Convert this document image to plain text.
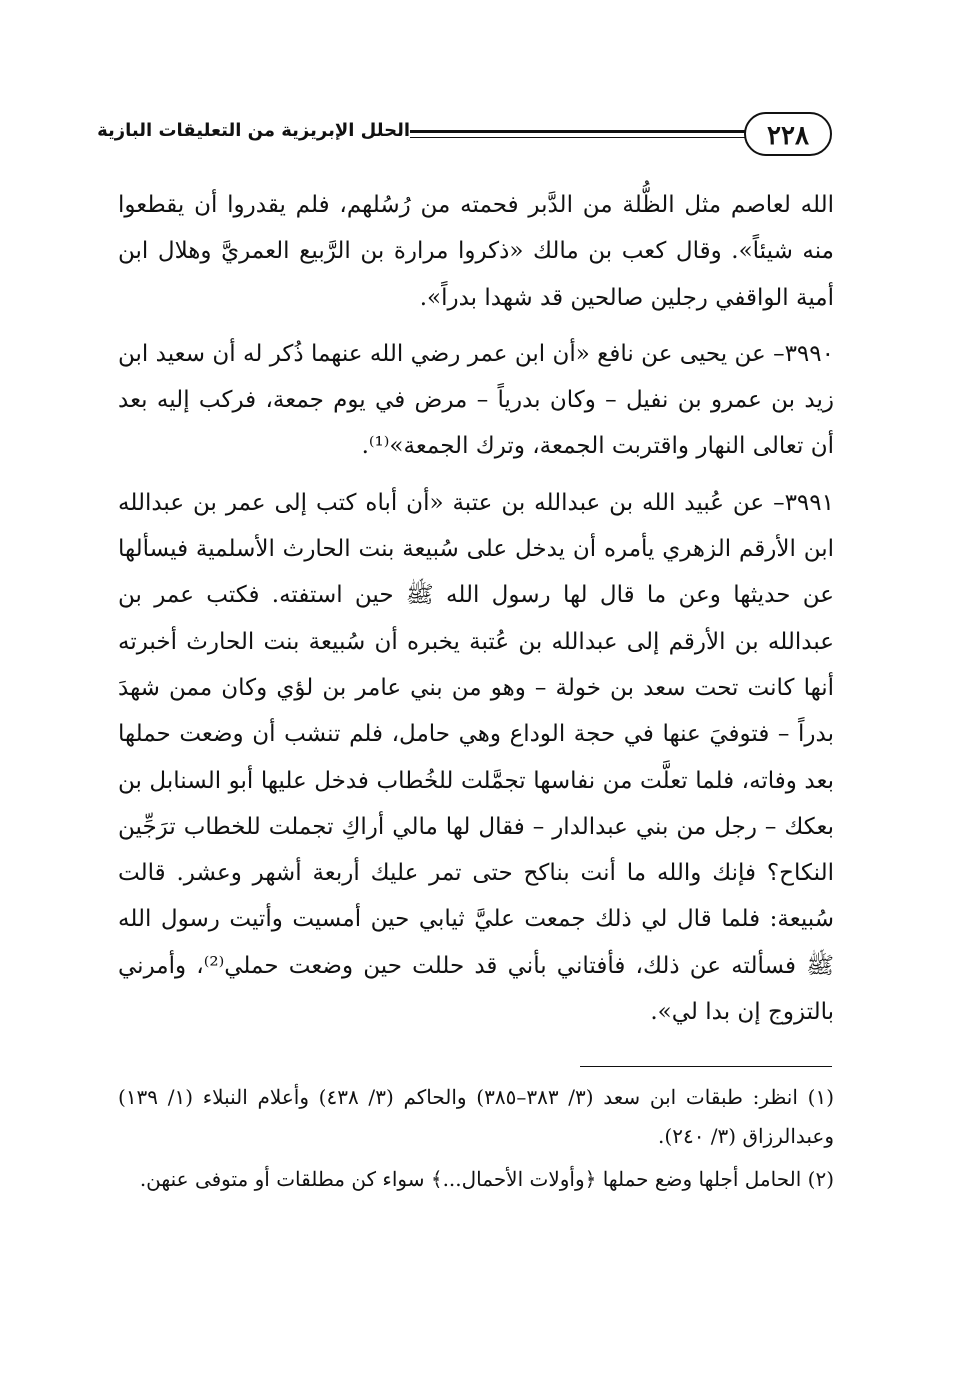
٢٢٨
الحلل الإبريزية من التعليقات البازية

الله لعاصم مثل الظُّلة من الدَّبر فحمته من رُسُلهم، فلم يقدروا أن يقطعوا منه شيئاً». وقال كعب بن مالك «ذكروا مرارة بن الرَّبيع العمريَّ وهلال ابن أمية الواقفي رجلين صالحين قد شهدا بدراً».

٣٩٩٠– عن يحيى عن نافع «أن ابن عمر رضي الله عنهما ذُكر له أن سعيد ابن زيد بن عمرو بن نفيل – وكان بدرياً – مرض في يوم جمعة، فركب إليه بعد أن تعالى النهار واقتربت الجمعة، وترك الجمعة»⁽¹⁾.

٣٩٩١– عن عُبيد الله بن عبدالله بن عتبة «أن أباه كتب إلى عمر بن عبدالله ابن الأرقم الزهري يأمره أن يدخل على سُبيعة بنت الحارث الأسلمية فيسألها عن حديثها وعن ما قال لها رسول الله ﷺ حين استفته. فكتب عمر بن عبدالله بن الأرقم إلى عبدالله بن عُتبة يخبره أن سُبيعة بنت الحارث أخبرته أنها كانت تحت سعد بن خولة – وهو من بني عامر بن لؤي وكان ممن شهدَ بدراً – فتوفيَ عنها في حجة الوداع وهي حامل، فلم تنشب أن وضعت حملها بعد وفاته، فلما تعلَّت من نفاسها تجمَّلت للخُطاب فدخل عليها أبو السنابل بن بعكك – رجل من بني عبدالدار – فقال لها مالي أراكِ تجملت للخطاب ترَجِّين النكاح؟ فإنك والله ما أنت بناكح حتى تمر عليك أربعة أشهر وعشر. قالت سُبيعة: فلما قال لي ذلك جمعت عليَّ ثيابي حين أمسيت وأتيت رسول الله ﷺ فسألته عن ذلك، فأفتاني بأني قد حللت حين وضعت حملي⁽²⁾، وأمرني بالتزوج إن بدا لي».

(١) انظر: طبقات ابن سعد (٣/ ٣٨٣–٣٨٥) والحاكم (٣/ ٤٣٨) وأعلام النبلاء (١/ ١٣٩) وعبدالرزاق (٣/ ٢٤٠).
(٢) الحامل أجلها وضع حملها ﴿وأولات الأحمال...﴾ سواء كن مطلقات أو متوفى عنهن.
